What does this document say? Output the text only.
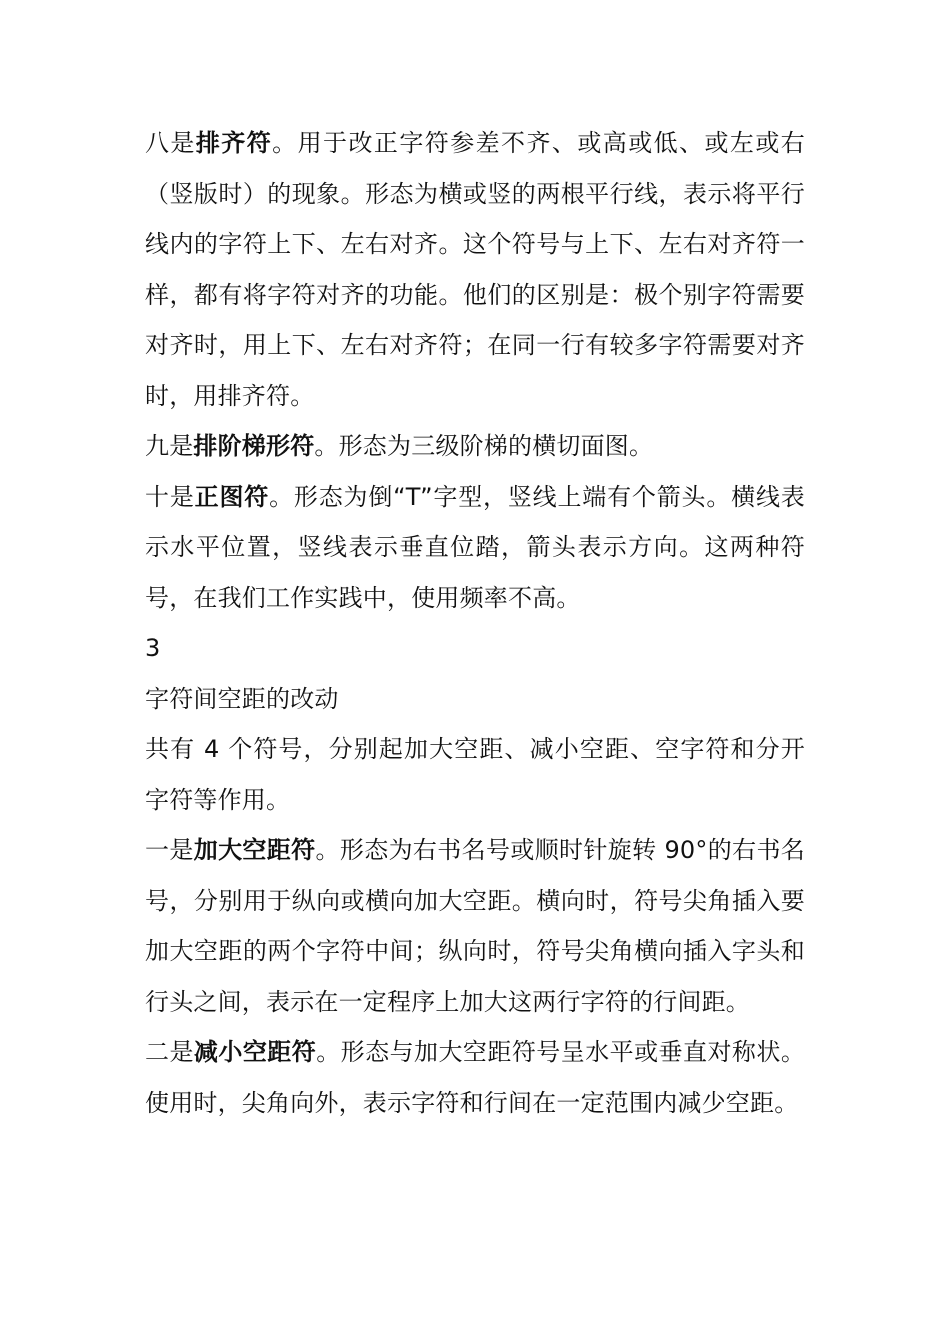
八是排齐符。用于改正字符参差不齐、或高或低、或左或右（竖版时）的现象。形态为横或竖的两根平行线，表示将平行线内的字符上下、左右对齐。这个符号与上下、左右对齐符一样，都有将字符对齐的功能。他们的区别是：极个别字符需要对齐时，用上下、左右对齐符；在同一行有较多字符需要对齐时，用排齐符。

九是排阶梯形符。形态为三级阶梯的横切面图。

十是正图符。形态为倒“T”字型，竖线上端有个箭头。横线表示水平位置，竖线表示垂直位踏，箭头表示方向。这两种符号，在我们工作实践中，使用频率不高。

3

字符间空距的改动

共有 4 个符号，分别起加大空距、减小空距、空字符和分开字符等作用。

一是加大空距符。形态为右书名号或顺时针旋转 90°的右书名号，分别用于纵向或横向加大空距。横向时，符号尖角插入要加大空距的两个字符中间；纵向时，符号尖角横向插入字头和行头之间，表示在一定程序上加大这两行字符的行间距。

二是减小空距符。形态与加大空距符号呈水平或垂直对称状。使用时，尖角向外，表示字符和行间在一定范围内减少空距。
